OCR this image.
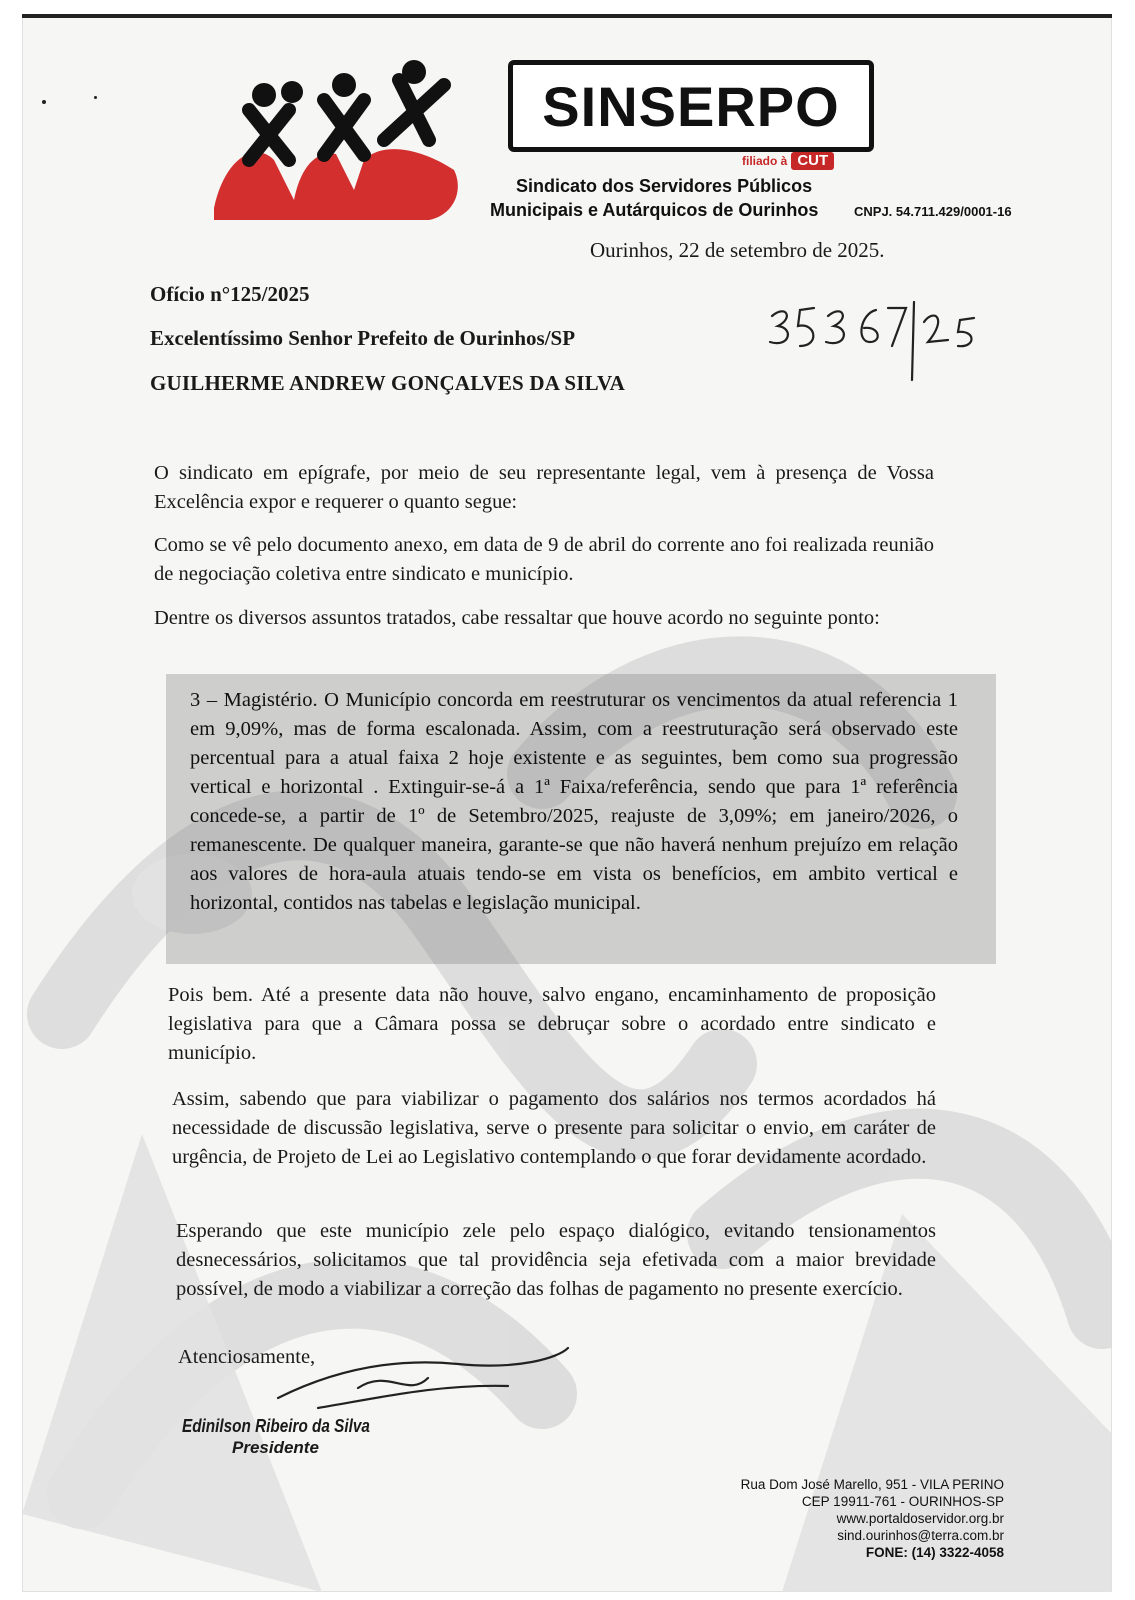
SINSERPO
filiado à CUT
Sindicato dos Servidores Públicos
Municipais e Autárquicos de Ourinhos	CNPJ. 54.711.429/0001-16
Ourinhos, 22 de setembro de 2025.
Ofício n°125/2025
Excelentíssimo Senhor Prefeito de Ourinhos/SP
GUILHERME ANDREW GONÇALVES DA SILVA

O sindicato em epígrafe, por meio de seu representante legal, vem à presença de Vossa Excelência expor e requerer o quanto segue:

Como se vê pelo documento anexo, em data de 9 de abril do corrente ano foi realizada reunião de negociação coletiva entre sindicato e município.

Dentre os diversos assuntos tratados, cabe ressaltar que houve acordo no seguinte ponto:

3 – Magistério. O Município concorda em reestruturar os vencimentos da atual referencia 1 em 9,09%, mas de forma escalonada. Assim, com a reestruturação será observado este percentual para a atual faixa 2 hoje existente e as seguintes, bem como sua progressão vertical e horizontal . Extinguir-se-á a 1ª Faixa/referência, sendo que para 1ª referência concede-se, a partir de 1º de Setembro/2025, reajuste de 3,09%; em janeiro/2026, o remanescente. De qualquer maneira, garante-se que não haverá nenhum prejuízo em relação aos valores de hora-aula atuais tendo-se em vista os benefícios, em ambito vertical e horizontal, contidos nas tabelas e legislação municipal.

Pois bem. Até a presente data não houve, salvo engano, encaminhamento de proposição legislativa para que a Câmara possa se debruçar sobre o acordado entre sindicato e município.

Assim, sabendo que para viabilizar o pagamento dos salários nos termos acordados há necessidade de discussão legislativa, serve o presente para solicitar o envio, em caráter de urgência, de Projeto de Lei ao Legislativo contemplando o que forar devidamente acordado.

Esperando que este município zele pelo espaço dialógico, evitando tensionamentos desnecessários, solicitamos que tal providência seja efetivada com a maior brevidade possível, de modo a viabilizar a correção das folhas de pagamento no presente exercício.

Atenciosamente,
Edinilson Ribeiro da Silva
Presidente
Rua Dom José Marello, 951 - VILA PERINO
CEP 19911-761 - OURINHOS-SP
www.portaldoservidor.org.br
sind.ourinhos@terra.com.br
FONE: (14) 3322-4058
